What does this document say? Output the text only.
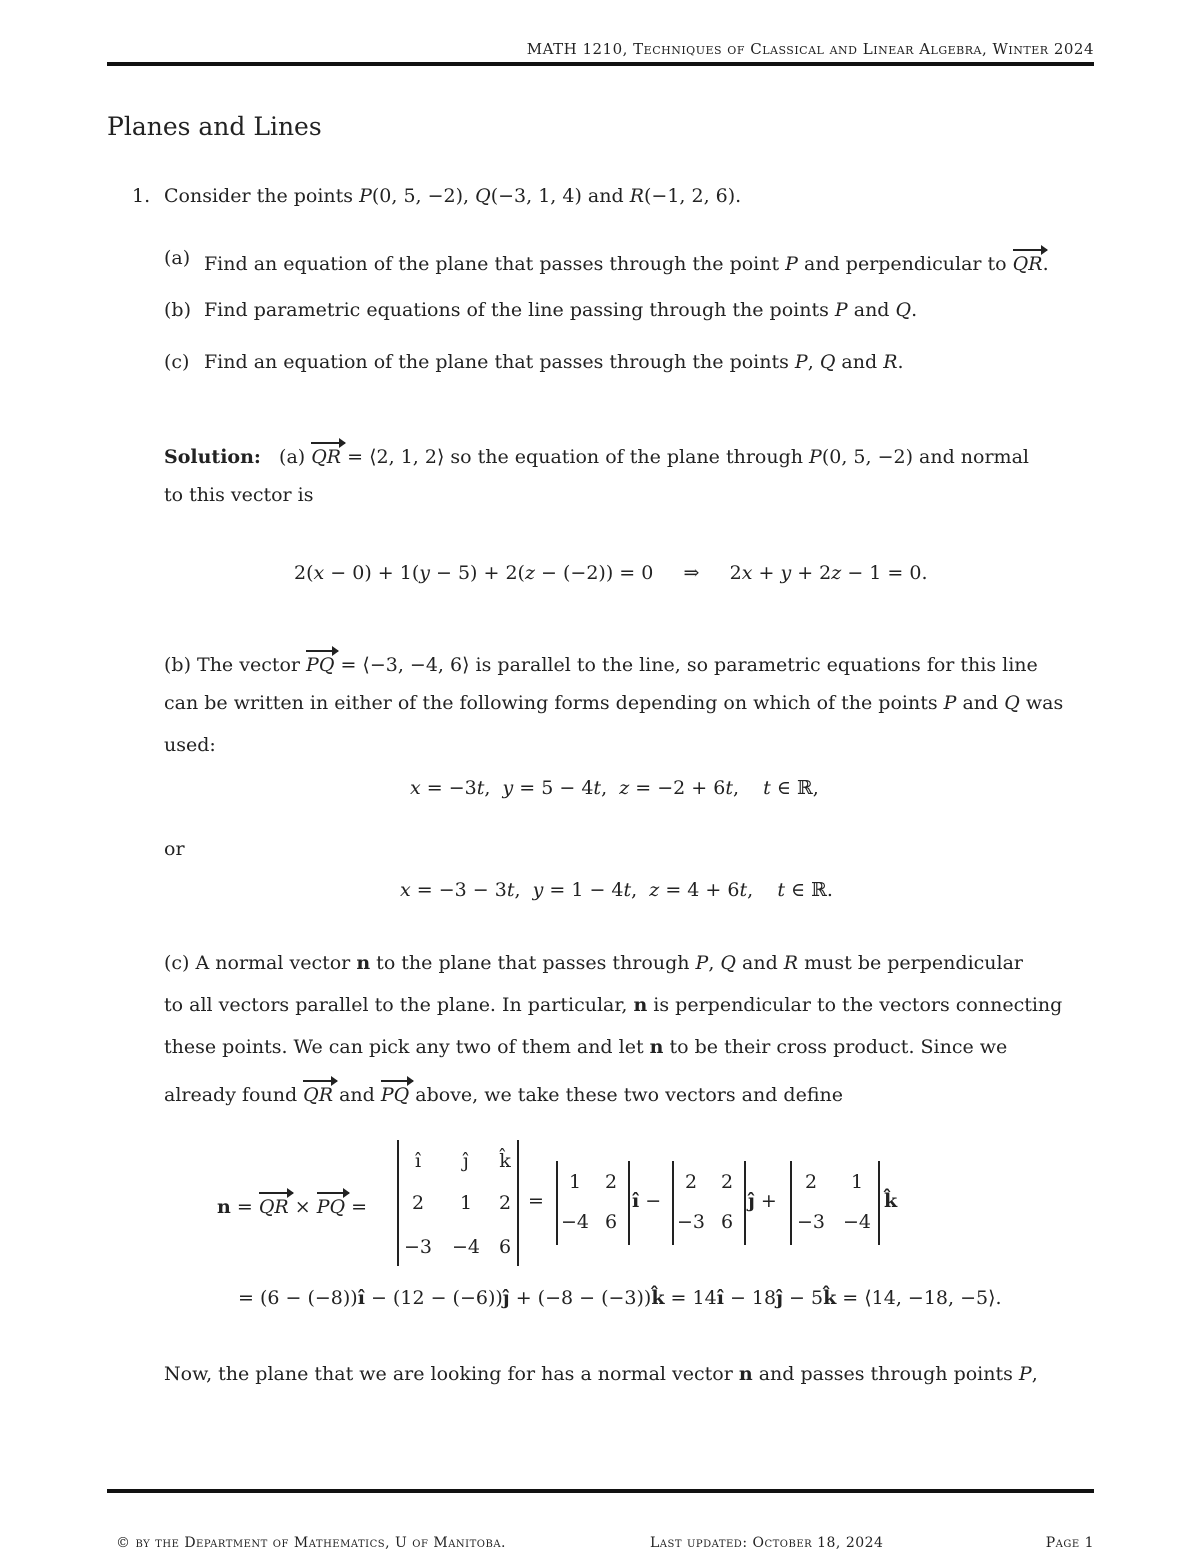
MATH 1210, Techniques of Classical and Linear Algebra, Winter 2024
Planes and Lines
1. Consider the points P(0, 5, −2), Q(−3, 1, 4) and R(−1, 2, 6).
(a) Find an equation of the plane that passes through the point P and perpendicular to QR.
(b) Find parametric equations of the line passing through the points P and Q.
(c) Find an equation of the plane that passes through the points P, Q and R.
Solution:   (a) QR = ⟨2, 1, 2⟩ so the equation of the plane through P(0, 5, −2) and normal
to this vector is
2(x − 0) + 1(y − 5) + 2(z − (−2)) = 0     ⇒     2x + y + 2z − 1 = 0.
(b) The vector PQ = ⟨−3, −4, 6⟩ is parallel to the line, so parametric equations for this line
can be written in either of the following forms depending on which of the points P and Q was
used:
x = −3t,  y = 5 − 4t,  z = −2 + 6t,    t ∈ ℝ,
or
x = −3 − 3t,  y = 1 − 4t,  z = 4 + 6t,    t ∈ ℝ.
(c) A normal vector n to the plane that passes through P, Q and R must be perpendicular
to all vectors parallel to the plane. In particular, n is perpendicular to the vectors connecting
these points. We can pick any two of them and let n to be their cross product. Since we
already found QR and PQ above, we take these two vectors and define
n = QR × PQ =
î	ĵ	k̂
2	1	2
−3 −4 6
=
1	2
−4 6
î −
2	2
−3 6
ĵ +
2	1
−3 −4
k̂
= (6 − (−8))î − (12 − (−6))ĵ + (−8 − (−3))k̂ = 14î − 18ĵ − 5k̂ = ⟨14, −18, −5⟩.
Now, the plane that we are looking for has a normal vector n and passes through points P,
© by the Department of Mathematics, U of Manitoba.	Last updated: October 18, 2024	Page 1
